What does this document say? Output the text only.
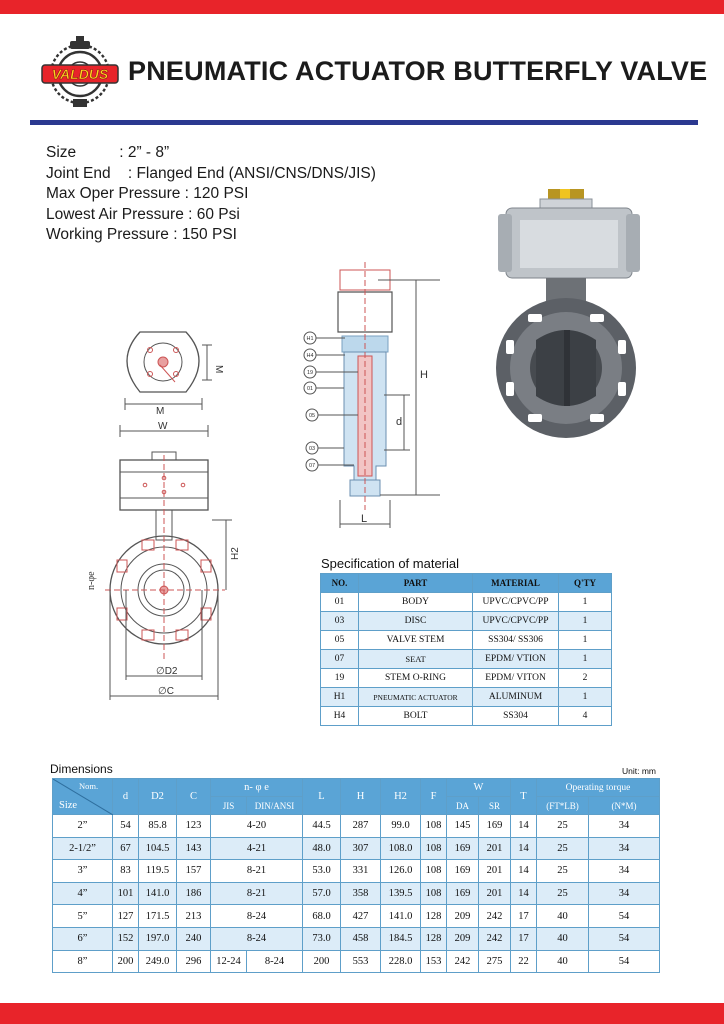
VALDUS PNEUMATIC ACTUATOR BUTTERFLY VALVE
Size          : 2” - 8”
Joint End    : Flanged End (ANSI/CNS/DNS/JIS)
Max Oper Pressure : 120 PSI
Lowest Air Pressure : 60 Psi
Working Pressure : 150 PSI
M
M
W
H2
n-φe
∅D2
∅C
H1
H4
19
01
05
03
07
H
d
L
Specification of material
NO.	PART	MATERIAL	Q'TY
01	BODY	UPVC/CPVC/PP	1
03	DISC	UPVC/CPVC/PP	1
05	VALVE STEM	SS304/ SS306	1
07	SEAT	EPDM/ VTION	1
19	STEM O-RING	EPDM/ VITON	2
H1	PNEUMATIC ACTUATOR	ALUMINUM	1
H4	BOLT	SS304	4
Dimensions	Unit: mm
Nom.
Size	d	D2	C	n- φ e		L	H	H2	F	W		T	Operating torque	
				JIS	DIN/ANSI					DA	SR		(FT*LB)	(N*M)
2”	54	85.8	123	4-20		44.5	287	99.0	108	145	169	14	25	34
2-1/2”	67	104.5	143	4-21		48.0	307	108.0	108	169	201	14	25	34
3”	83	119.5	157	8-21		53.0	331	126.0	108	169	201	14	25	34
4”	101	141.0	186	8-21		57.0	358	139.5	108	169	201	14	25	34
5”	127	171.5	213	8-24		68.0	427	141.0	128	209	242	17	40	54
6”	152	197.0	240	8-24		73.0	458	184.5	128	209	242	17	40	54
8”	200	249.0	296	12-24	8-24	200	553	228.0	153	242	275	22	40	54
